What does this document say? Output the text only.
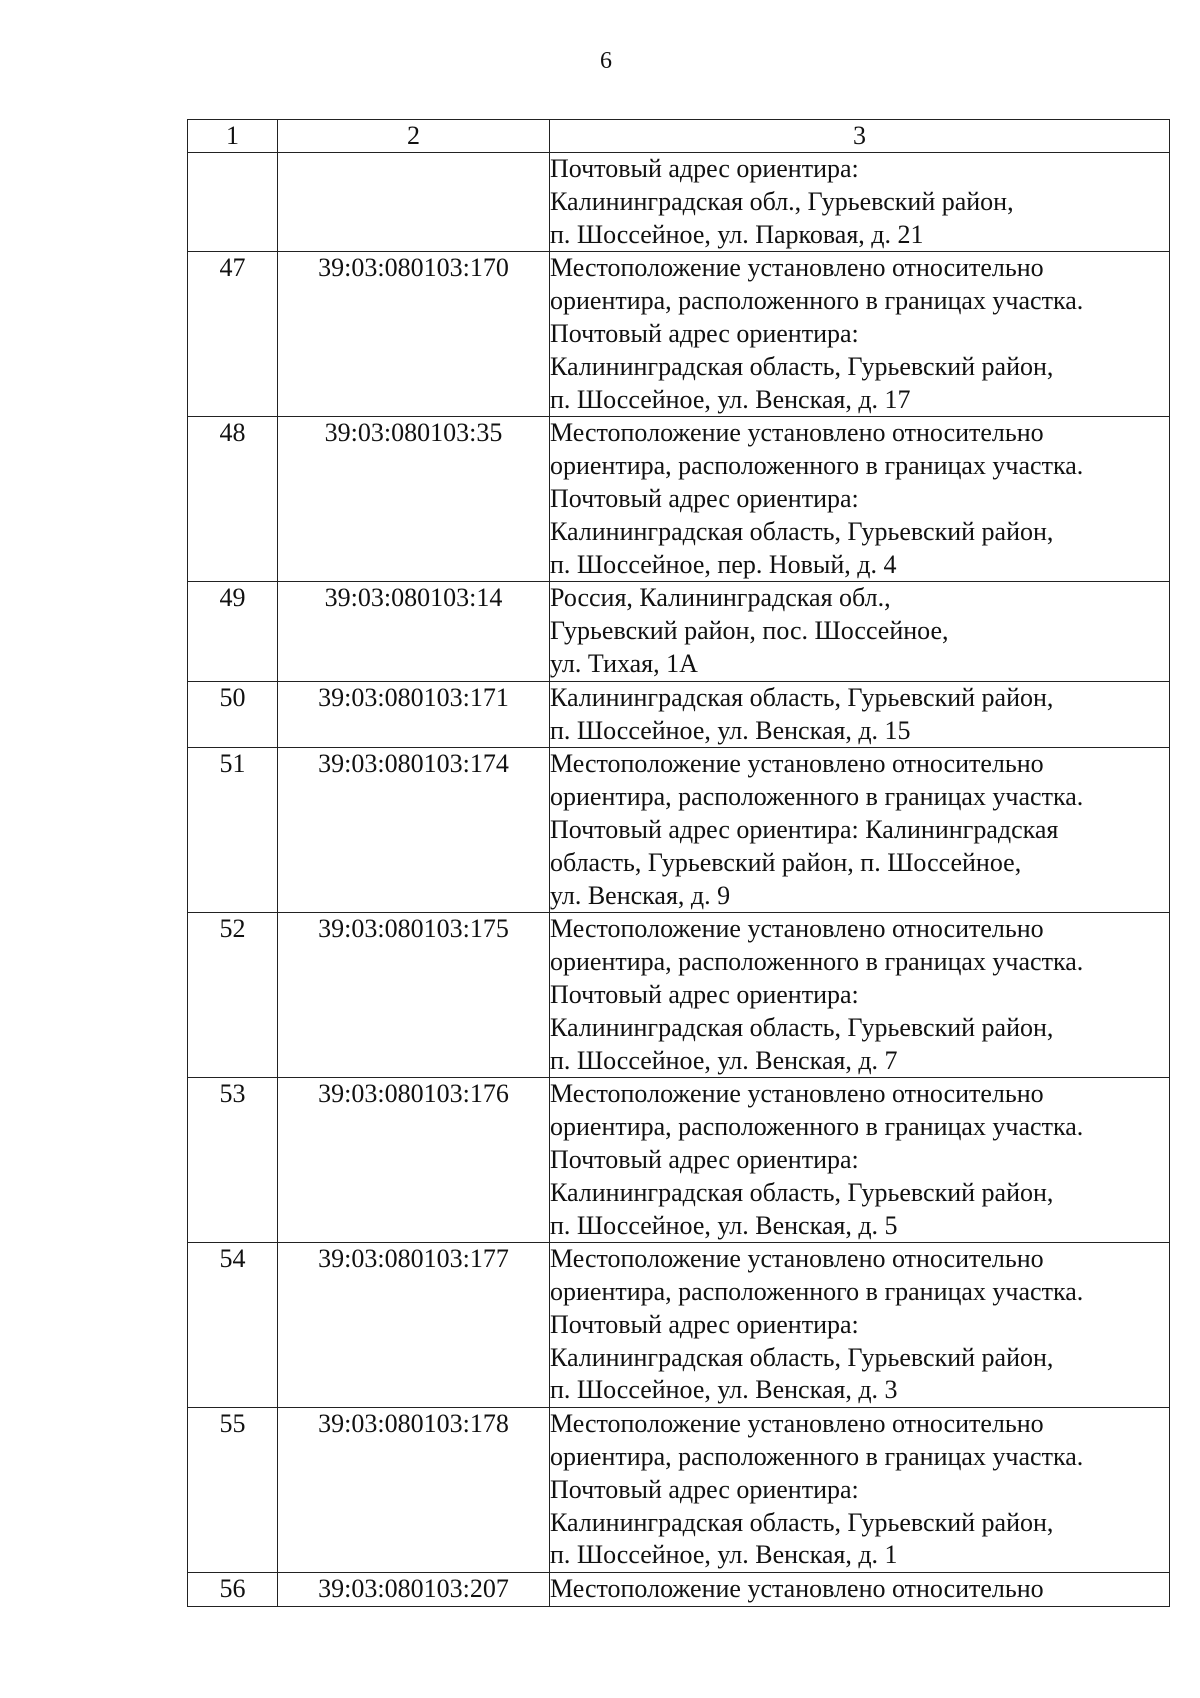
6
1	2	3

		Почтовый адрес ориентира:
Калининградская обл., Гурьевский район,
п. Шоссейное, ул. Парковая, д. 21

47	39:03:080103:170	Местоположение установлено относительно
ориентира, расположенного в границах участка.
Почтовый адрес ориентира:
Калининградская область, Гурьевский район,
п. Шоссейное, ул. Венская, д. 17

48	39:03:080103:35	Местоположение установлено относительно
ориентира, расположенного в границах участка.
Почтовый адрес ориентира:
Калининградская область, Гурьевский район,
п. Шоссейное, пер. Новый, д. 4

49	39:03:080103:14	Россия, Калининградская обл.,
Гурьевский район, пос. Шоссейное,
ул. Тихая, 1А

50	39:03:080103:171	Калининградская область, Гурьевский район,
п. Шоссейное, ул. Венская, д. 15

51	39:03:080103:174	Местоположение установлено относительно
ориентира, расположенного в границах участка.
Почтовый адрес ориентира: Калининградская
область, Гурьевский район, п. Шоссейное,
ул. Венская, д. 9

52	39:03:080103:175	Местоположение установлено относительно
ориентира, расположенного в границах участка.
Почтовый адрес ориентира:
Калининградская область, Гурьевский район,
п. Шоссейное, ул. Венская, д. 7

53	39:03:080103:176	Местоположение установлено относительно
ориентира, расположенного в границах участка.
Почтовый адрес ориентира:
Калининградская область, Гурьевский район,
п. Шоссейное, ул. Венская, д. 5

54	39:03:080103:177	Местоположение установлено относительно
ориентира, расположенного в границах участка.
Почтовый адрес ориентира:
Калининградская область, Гурьевский район,
п. Шоссейное, ул. Венская, д. 3

55	39:03:080103:178	Местоположение установлено относительно
ориентира, расположенного в границах участка.
Почтовый адрес ориентира:
Калининградская область, Гурьевский район,
п. Шоссейное, ул. Венская, д. 1

56	39:03:080103:207	Местоположение установлено относительно
